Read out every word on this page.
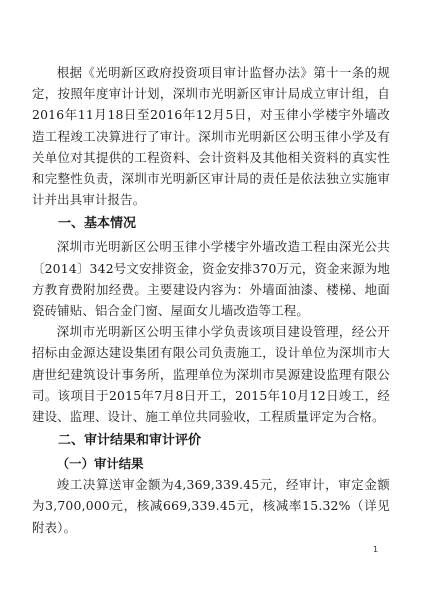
根据《光明新区政府投资项目审计监督办法》第十一条的规定，按照年度审计计划，深圳市光明新区审计局成立审计组，自2016年11月18日至2016年12月5日，对玉律小学楼宇外墙改造工程竣工决算进行了审计。深圳市光明新区公明玉律小学及有关单位对其提供的工程资料、会计资料及其他相关资料的真实性和完整性负责，深圳市光明新区审计局的责任是依法独立实施审计并出具审计报告。

一、基本情况

深圳市光明新区公明玉律小学楼宇外墙改造工程由深光公共〔2014〕342号文安排资金，资金安排370万元，资金来源为地方教育费附加经费。主要建设内容为：外墙面油漆、楼梯、地面瓷砖铺贴、铝合金门窗、屋面女儿墙改造等工程。

深圳市光明新区公明玉律小学负责该项目建设管理，经公开招标由金源达建设集团有限公司负责施工，设计单位为深圳市大唐世纪建筑设计事务所，监理单位为深圳市昊源建设监理有限公司。该项目于2015年7月8日开工，2015年10月12日竣工，经建设、监理、设计、施工单位共同验收，工程质量评定为合格。

二、审计结果和审计评价

（一）审计结果

竣工决算送审金额为4,369,339.45元，经审计，审定金额为3,700,000元，核减669,339.45元，核减率15.32%（详见附表）。

1
